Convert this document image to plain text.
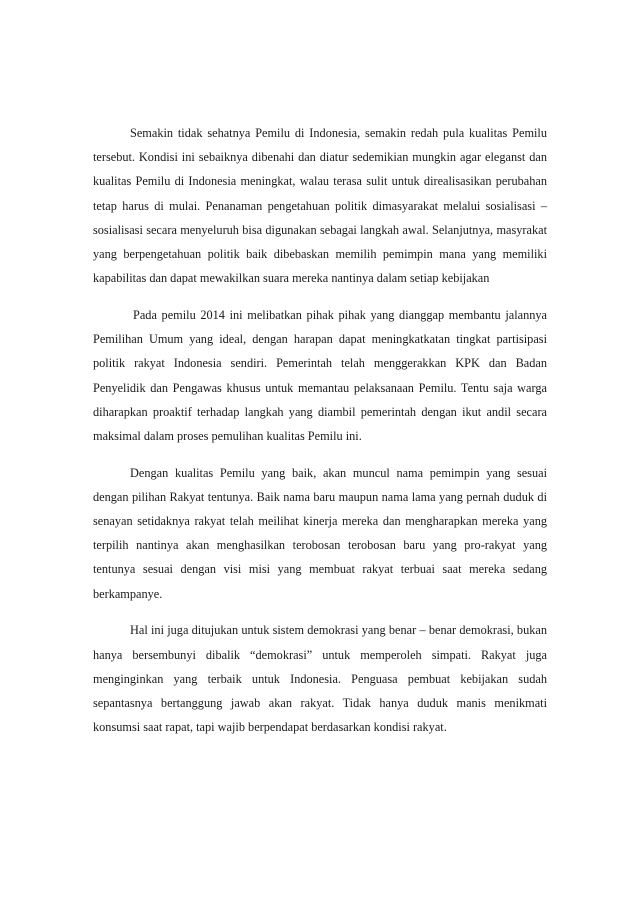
Semakin tidak sehatnya Pemilu di Indonesia, semakin redah pula kualitas Pemilu tersebut. Kondisi ini sebaiknya dibenahi dan diatur sedemikian mungkin agar eleganst dan kualitas Pemilu di Indonesia meningkat, walau terasa sulit untuk direalisasikan perubahan tetap harus di mulai. Penanaman pengetahuan politik dimasyarakat melalui sosialisasi – sosialisasi secara menyeluruh bisa digunakan sebagai langkah awal. Selanjutnya, masyrakat yang berpengetahuan politik baik dibebaskan memilih pemimpin mana yang memiliki kapabilitas dan dapat mewakilkan suara mereka nantinya dalam setiap kebijakan

Pada pemilu 2014 ini melibatkan pihak pihak yang dianggap membantu jalannya Pemilihan Umum yang ideal, dengan harapan dapat meningkatkatan tingkat partisipasi politik rakyat Indonesia sendiri. Pemerintah telah menggerakkan KPK dan Badan Penyelidik dan Pengawas khusus untuk memantau pelaksanaan Pemilu. Tentu saja warga diharapkan proaktif terhadap langkah yang diambil pemerintah dengan ikut andil secara maksimal dalam proses pemulihan kualitas Pemilu ini.

Dengan kualitas Pemilu yang baik, akan muncul nama pemimpin yang sesuai dengan pilihan Rakyat tentunya. Baik nama baru maupun nama lama yang pernah duduk di senayan setidaknya rakyat telah meilihat kinerja mereka dan mengharapkan mereka yang terpilih nantinya akan menghasilkan terobosan terobosan baru yang pro-rakyat yang tentunya sesuai dengan visi misi yang membuat rakyat terbuai saat mereka sedang berkampanye.

Hal ini juga ditujukan untuk sistem demokrasi yang benar – benar demokrasi, bukan hanya bersembunyi dibalik “demokrasi” untuk memperoleh simpati. Rakyat juga menginginkan yang terbaik untuk Indonesia. Penguasa pembuat kebijakan sudah sepantasnya bertanggung jawab akan rakyat. Tidak hanya duduk manis menikmati konsumsi saat rapat, tapi wajib berpendapat berdasarkan kondisi rakyat.
